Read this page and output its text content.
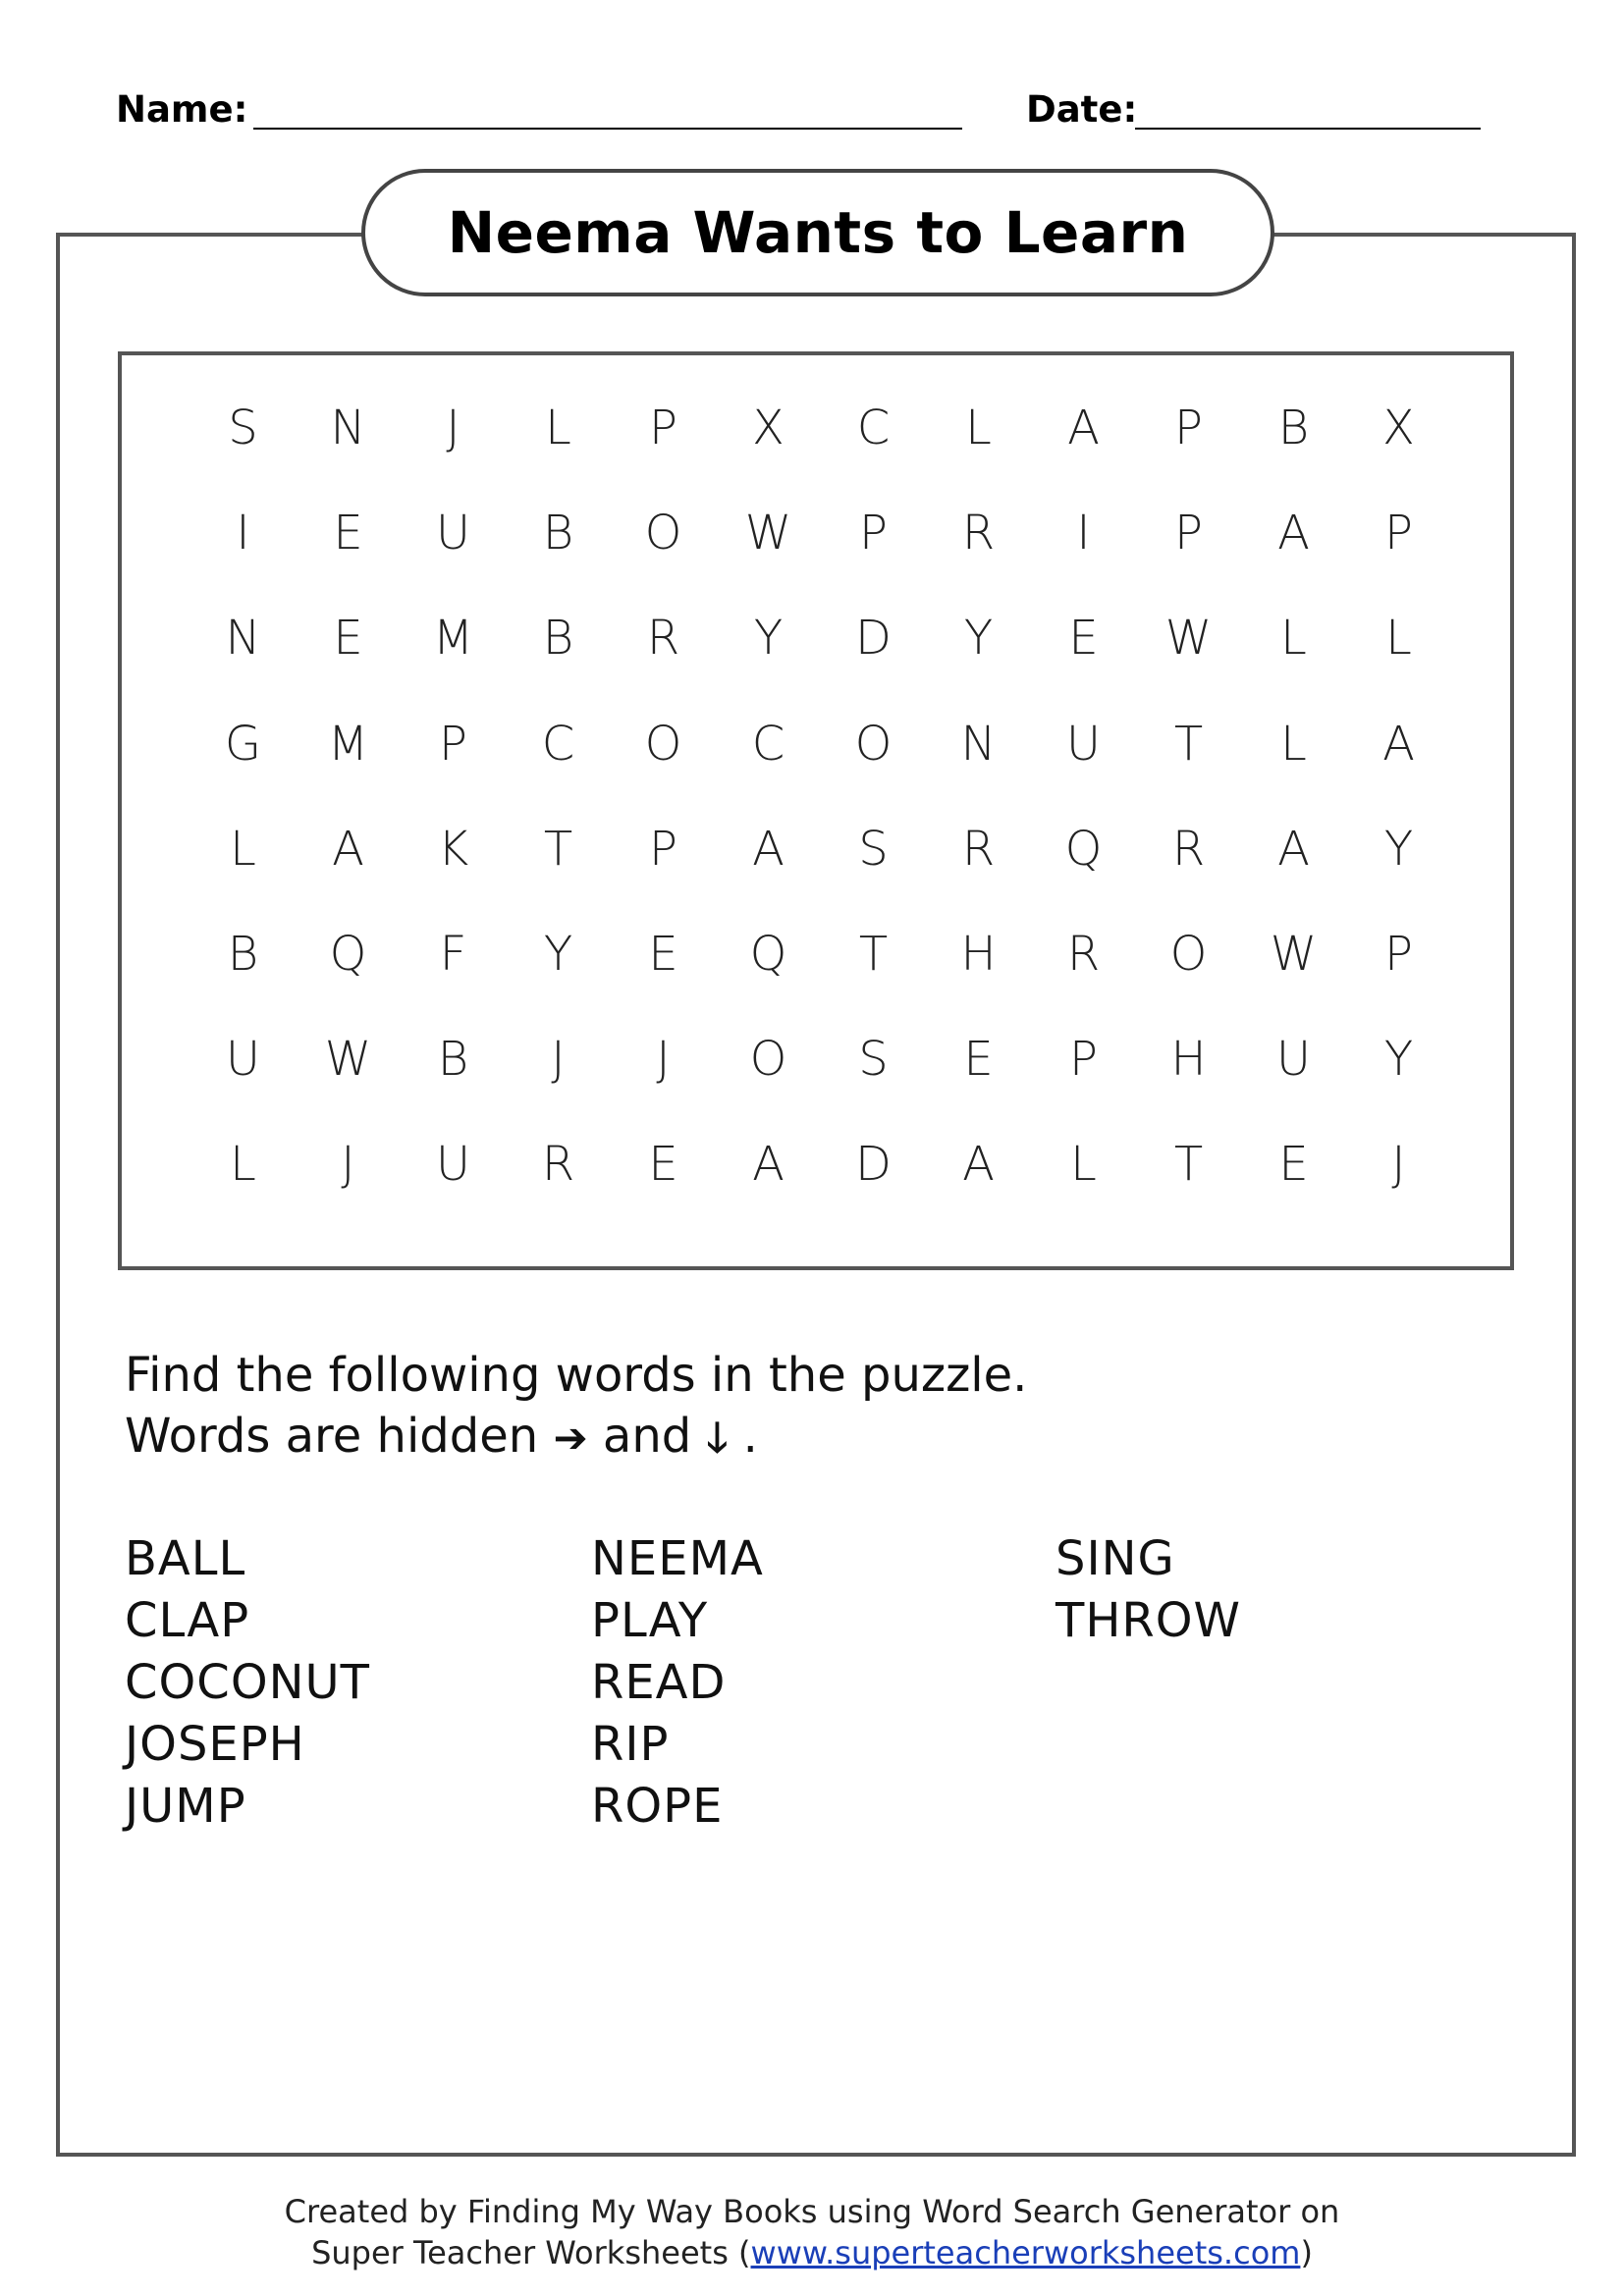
Name:	Date:
Neema Wants to Learn
S	N	J	L	P	X	C	L	A	P	B	X
I	E	U	B	O	W	P	R	I	P	A	P
N	E	M	B	R	Y	D	Y	E	W	L	L
G	M	P	C	O	C	O	N	U	T	L	A
L	A	K	T	P	A	S	R	Q	R	A	Y
B	Q	F	Y	E	Q	T	H	R	O	W	P
U	W	B	J	J	O	S	E	P	H	U	Y
L	J	U	R	E	A	D	A	L	T	E	J
Find the following words in the puzzle.
Words are hidden ➔ and 🡓 .
BALL
CLAP
COCONUT
JOSEPH
JUMP
NEEMA
PLAY
READ
RIP
ROPE
SING
THROW
Created by Finding My Way Books using Word Search Generator on
Super Teacher Worksheets (www.superteacherworksheets.com)
